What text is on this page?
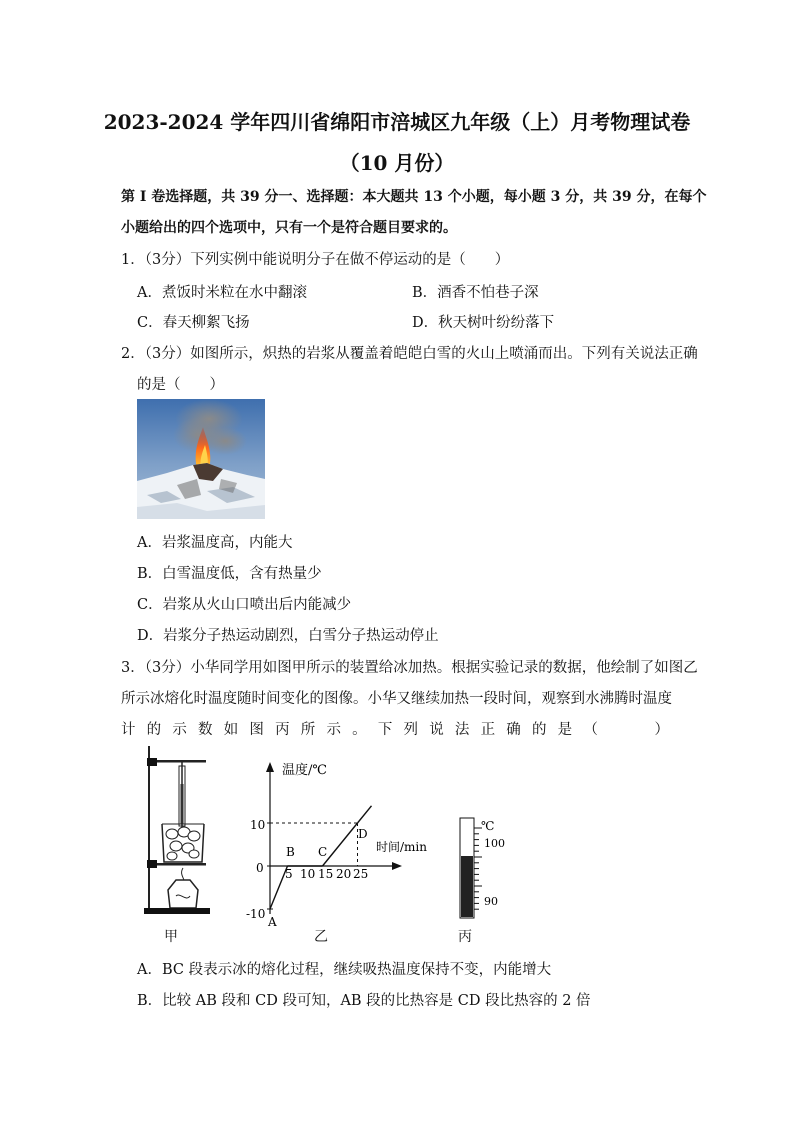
2023-2024 学年四川省绵阳市涪城区九年级（上）月考物理试卷
（10 月份）
第 I 卷选择题，共 39 分一、选择题：本大题共 13 个小题，每小题 3 分，共 39 分，在每个
小题给出的四个选项中，只有一个是符合题目要求的。
1．（3分）下列实例中能说明分子在做不停运动的是（　　）
A．煮饭时米粒在水中翻滚	B．酒香不怕巷子深
C．春天柳絮飞扬	D．秋天树叶纷纷落下
2．（3分）如图所示，炽热的岩浆从覆盖着皑皑白雪的火山上喷涌而出。下列有关说法正确
的是（　　）
A．岩浆温度高，内能大
B．白雪温度低，含有热量少
C．岩浆从火山口喷出后内能减少
D．岩浆分子热运动剧烈，白雪分子热运动停止
3．（3分）小华同学用如图甲所示的装置给冰加热。根据实验记录的数据，他绘制了如图乙
所示冰熔化时温度随时间变化的图像。小华又继续加热一段时间，观察到水沸腾时温度
计 的 示 数 如 图 丙 所 示 。 下 列 说 法 正 确 的 是 （　　　）
甲
温度/℃
时间/min
10
0
-10
5 10 15 20 25
A
B C
D
乙
℃
100
90
丙
A．BC 段表示冰的熔化过程，继续吸热温度保持不变，内能增大
B．比较 AB 段和 CD 段可知，AB 段的比热容是 CD 段比热容的 2 倍
